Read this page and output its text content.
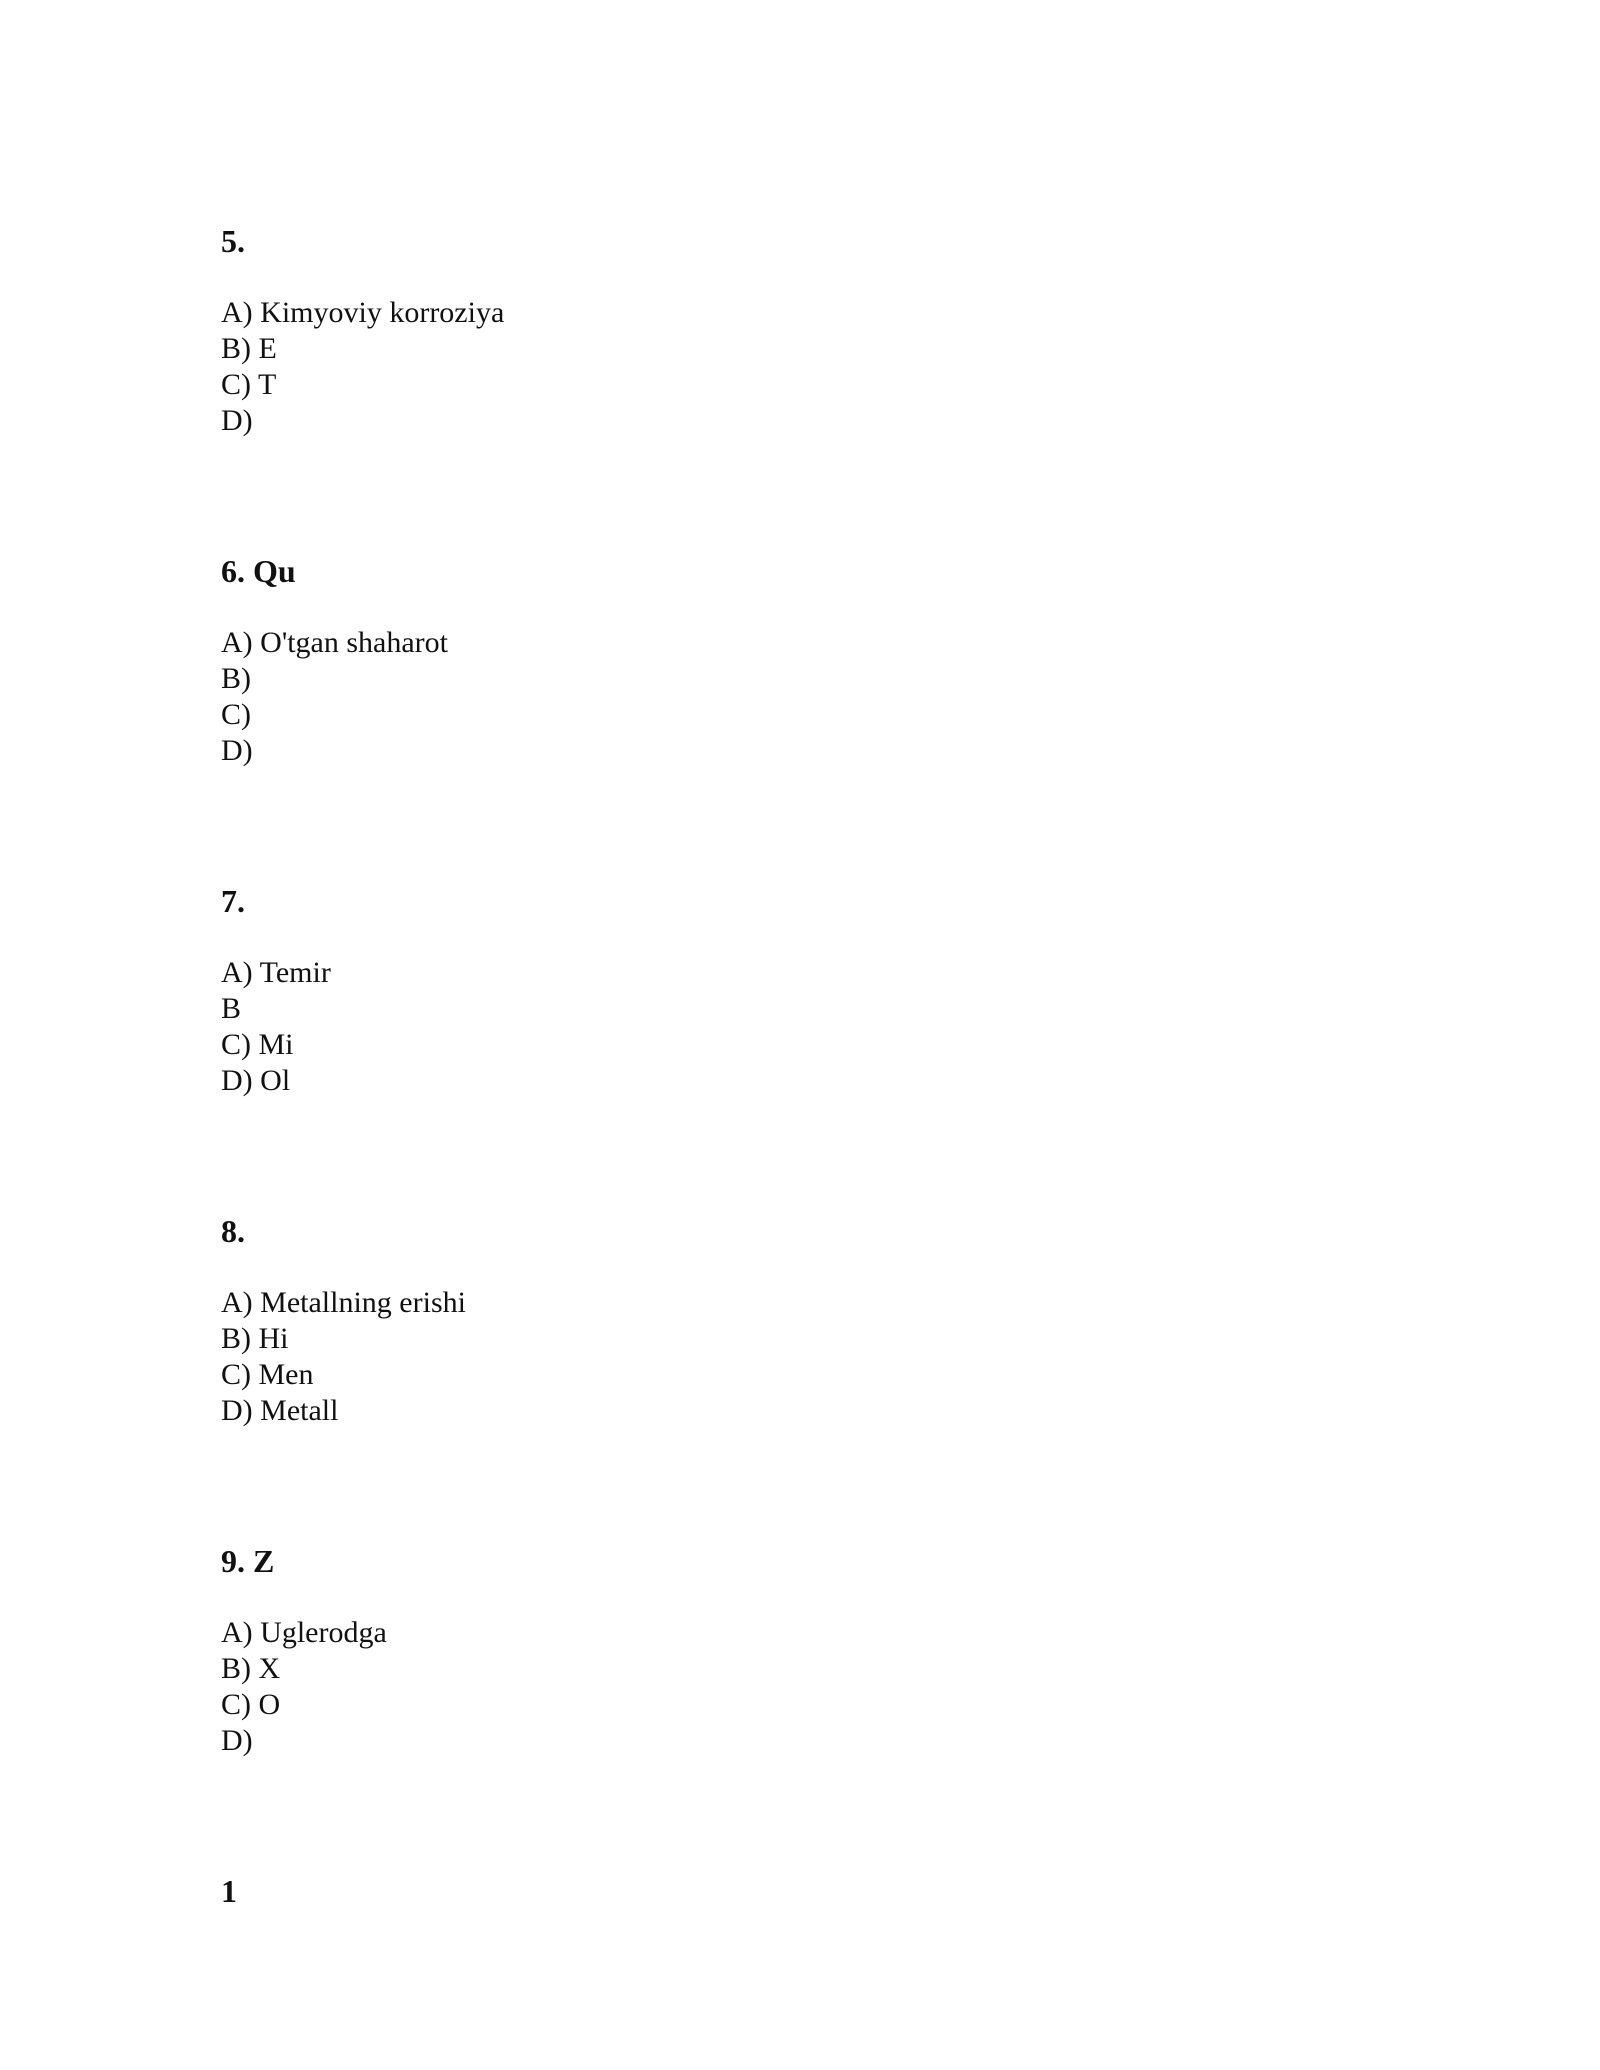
5.
A) Kimyoviy korroziya
B) E
C) T
D)
6. Qu
A) O'tgan shaharot
B)
C)
D)
7.
A) Temir
B
C) Mi
D) Ol
8.
A) Metallning erishi
B) Hi
C) Men
D) Metall
9. Z
A) Uglerodga
B) X
C) O
D)
1
